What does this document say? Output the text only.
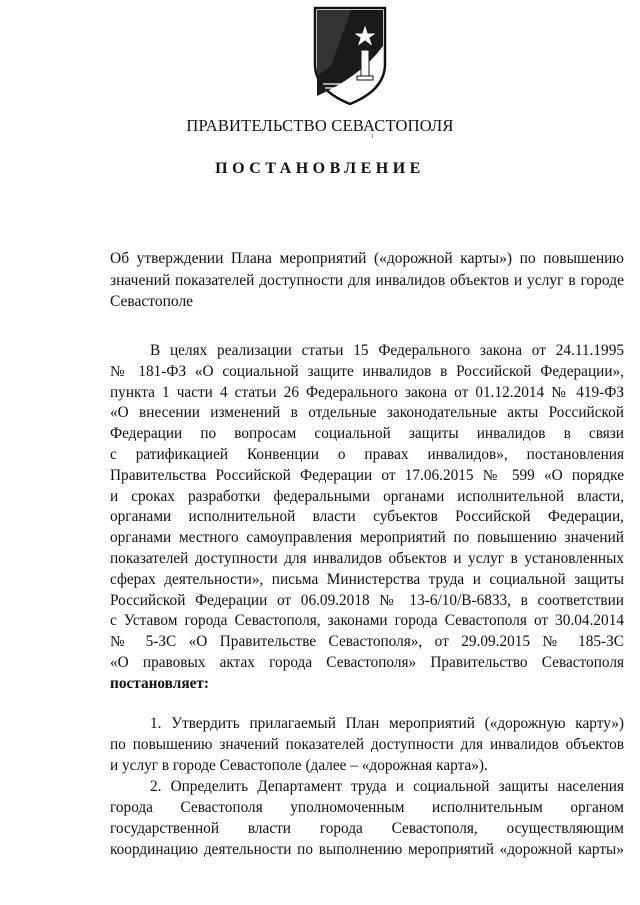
ПРАВИТЕЛЬСТВО СЕВАСТОПОЛЯ
ПОСТАНОВЛЕНИЕ
Об утверждении Плана мероприятий («дорожной карты») по повышению значений показателей доступности для инвалидов объектов и услуг в городе Севастополе
В целях реализации статьи 15 Федерального закона от 24.11.1995
№ 181-ФЗ «О социальной защите инвалидов в Российской Федерации»,
пункта 1 части 4 статьи 26 Федерального закона от 01.12.2014 № 419-ФЗ
«О внесении изменений в отдельные законодательные акты Российской
Федерации по вопросам социальной защиты инвалидов в связи
с ратификацией Конвенции о правах инвалидов», постановления
Правительства Российской Федерации от 17.06.2015 № 599 «О порядке
и сроках разработки федеральными органами исполнительной власти,
органами исполнительной власти субъектов Российской Федерации,
органами местного самоуправления мероприятий по повышению значений
показателей доступности для инвалидов объектов и услуг в установленных
сферах деятельности», письма Министерства труда и социальной защиты
Российской Федерации от 06.09.2018 № 13-6/10/В-6833, в соответствии
с Уставом города Севастополя, законами города Севастополя от 30.04.2014
№ 5-ЗС «О Правительстве Севастополя», от 29.09.2015 № 185-ЗС
«О правовых актах города Севастополя» Правительство Севастополя
постановляет:
1. Утвердить прилагаемый План мероприятий («дорожную карту»)
по повышению значений показателей доступности для инвалидов объектов
и услуг в городе Севастополе (далее – «дорожная карта»).
2. Определить Департамент труда и социальной защиты населения
города Севастополя уполномоченным исполнительным органом
государственной власти города Севастополя, осуществляющим
координацию деятельности по выполнению мероприятий «дорожной карты»
